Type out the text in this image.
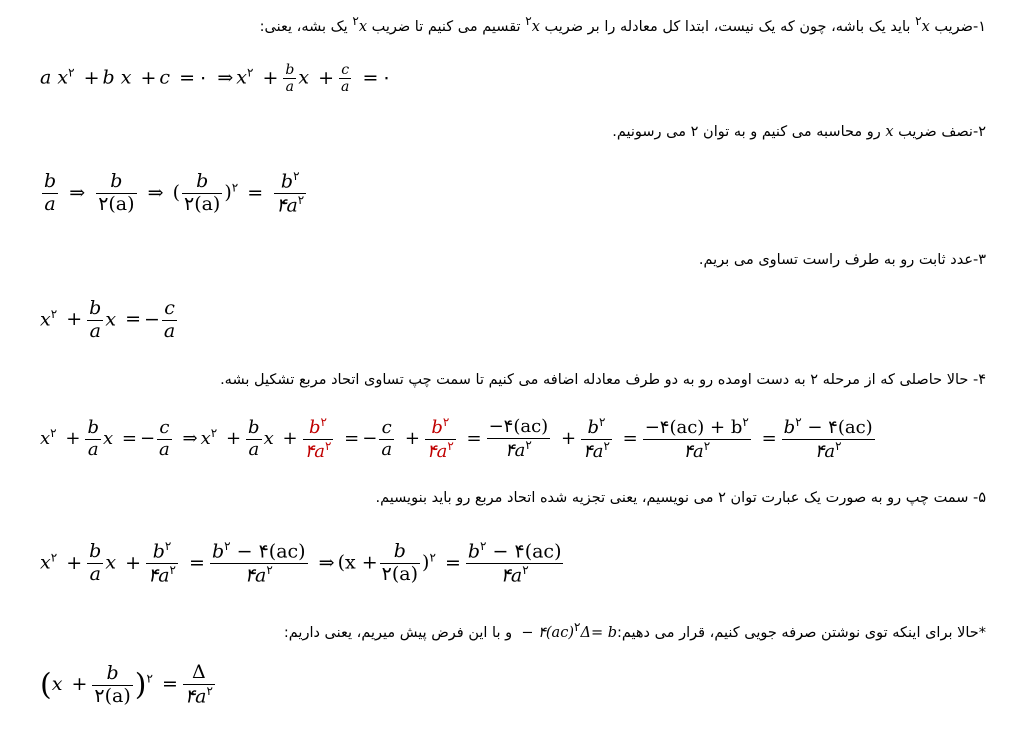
۱-ضریب $x^۲$ باید یک باشه، چون که یک نیست، ابتدا کل معادله را بر ضریب $x^۲$ تقسیم می کنیم تا ضریب $x^۲$ یک بشه، یعنی:
a $x^۲ + b$ x + c = ۰ ⇒ $x^۲ + \frac{b}{a}$ $x + \frac{c}{a}$ = ۰
۲-نصف ضریب x رو محاسبه می کنیم و به توان ۲ می رسونیم.
$\frac{b}{a}$ ⇒ $\frac{b}{۲(a)}$ ⇒ ( $\frac{b}{۲(a)} )^۲ = \frac{b^۲}{۴a^۲}$
۳-عدد ثابت رو به طرف راست تساوی می بریم.
$x^۲ + \frac{b}{a}$ x = − $\frac{c}{a}$
۴- حالا حاصلی که از مرحله ۲ به دست اومده رو به دو طرف معادله اضافه می کنیم تا سمت چپ تساوی اتحاد مربع تشکیل بشه.
$x^۲ + \frac{b}{a}$ x = − $\frac{c}{a}$ ⇒ $x^۲ + \frac{b}{a}$ $x + \frac{b^۲}{۴a^۲}$ = − $\frac{c}{a} + \frac{b^۲}{۴a^۲} = \frac{-۴(ac)}{۴a^۲} + \frac{b^۲}{۴a^۲} = \frac{-۴(ac) + b^۲}{۴a^۲} = \frac{b^۲ - ۴(ac)}{۴a^۲}$
۵- سمت چپ رو به صورت یک عبارت توان ۲ می نویسیم، یعنی تجزیه شده اتحاد مربع رو باید بنویسیم.
$x^۲ + \frac{b}{a}$ $x + \frac{b^۲}{۴a^۲} = \frac{b^۲ - ۴(ac)}{۴a^۲}$ ⇒ $(x + \frac{b}{۲(a)} )^۲ = \frac{b^۲ - ۴(ac)}{۴a^۲}$
*حالا برای اینکه توی نوشتن صرفه جویی کنیم، قرار می دهیم:Δ= $b^۲$ − ۴(ac) و با این فرض پیش میریم، یعنی داریم:
$(x + \frac{b}{۲(a)} )^۲ = \frac{\Delta}{۴a^۲}$
